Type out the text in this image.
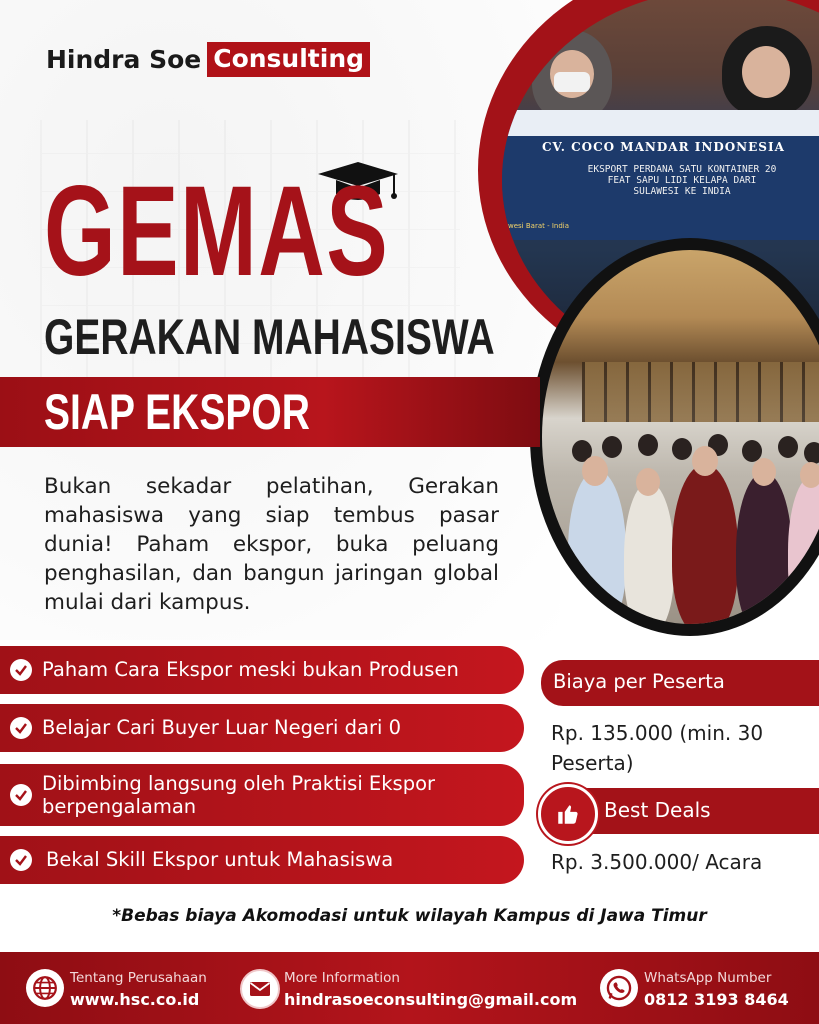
Hindra Soe Consulting
CV. COCO MANDAR INDONESIA
EKSPORT PERDANA SATU KONTAINER 20 FEAT SAPU LIDI KELAPA DARI SULAWESI KE INDIA
wesi Barat - India
GEMAS
GERAKAN MAHASISWA
SIAP EKSPOR
Bukan sekadar pelatihan, Gerakan mahasiswa yang siap tembus pasar dunia! Paham ekspor, buka peluang penghasilan, dan bangun jaringan global mulai dari kampus.
Paham Cara Ekspor meski bukan Produsen
Belajar Cari Buyer Luar Negeri dari 0
Dibimbing langsung oleh Praktisi Ekspor berpengalaman
Bekal Skill Ekspor untuk Mahasiswa
Biaya per Peserta
Rp. 135.000 (min. 30 Peserta)
Best Deals
Rp. 3.500.000/ Acara
*Bebas biaya Akomodasi untuk wilayah Kampus di Jawa Timur
Tentang Perusahaan
www.hsc.co.id
More Information
hindrasoeconsulting@gmail.com
WhatsApp Number
0812 3193 8464
